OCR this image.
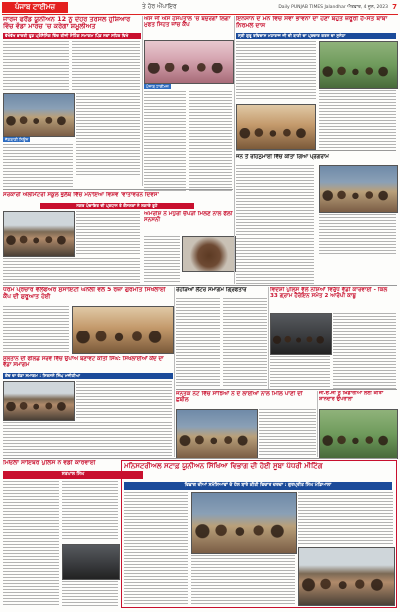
ਪੰਜਾਬ ਟਾਈਮਜ਼	ਤੇ ਹੋਰ ਐਂਪਾਇਰ	Daily PUNJAB TIMES Jalandhar ਐਤਵਾਰ, 4 ਜੂਨ, 2023 7
ਜਾਰਜ ਫਰੈਂਡ ਯੂਨੀਅਨ 12 ਨੂੰ ਦੋਹਰ ਤਰਸਲ ਹੁਸ਼ਿਆਰ ਵਿੱਚ ਵੱਡਾ ਮਾਰਚ 'ਚ ਕਰੇਗਾ ਸ਼ਮੂਲੀਅਤ
ਵੱਖੋਵੱਖ ਭਾਰਤੀ ਫੂਡ ਪ੍ਰੋਸੈਸਿੰਗ ਵਿੱਚ ਤੀਜੀ ਮੈਟਿੰਗ ਸਮਾਗਮ ਪਿੰਡ ਨਵਾਂ ਸਹਿਰ ਵਿਖੇ
ਜੱਗਬਾਣੀ ਨਿਊਜ਼
ਐਸ ਜੀ ਐਸ ਹਸਪਤਾਲ 'ਚ ਬਜ਼ੁਰਗਾਂ ਲਿਗਾ ਮੁਫਤ ਸਿਹਤ ਜਾਂਚ ਕੈਂਪ
ਪੰਜਾਬ ਟਾਈਮਜ਼
ਇਨਸਾਨ ਦੇ ਮਨ ਵਿੱਚ ਸੇਵਾ ਭਾਵਨਾ ਦਾ ਹੋਣਾ ਬਹੁਤ ਜ਼ਰੂਰੀ ਹੈ-ਸੰਤ ਬਾਬਾ ਨਿਰਮਲ ਦਾਸ
ਸ੍ਰੀ ਗੁਰੂ ਰਵਿਦਾਸ ਮਹਾਰਾਜ ਜੀ ਦੀ ਬਾਣੀ ਦਾ ਪ੍ਰਚਾਰ ਕਰਨ ਦਾ ਸੁਨੇਹਾ
ਸਰਕਾਰੀ ਐਲੀਮੈਂਟਰੀ ਸਕੂਲ ਭੁਲੱਥ ਵਿੱਚ ਮਨਾਇਆ ਵਿਸ਼ਵ 'ਵਾਤਾਵਰਨ ਦਿਵਸ'
ਨਗਰ ਪੰਚਾਇਤ ਦੀ ਪ੍ਰਧਾਨ ਤੇ ਕੌਂਸਲਰਾਂ ਨੇ ਲਗਾਏ ਬੂਟੇ
ਅਮਰੀਸ਼ ਨੇ ਮਧੁਰੀ ਚੌਪੜੀ ਮਿਲਣ ਨਾਲ ਫੈਲੀ ਸਨਸਨੀ
ਜਨ ਤੋਂ ਰਹਿਨੁਮਾਈ ਵਿੱਚ ਕੀਤਾ ਗਿਆ ਪ੍ਰੋਗਰਾਮ
ਧਰਮ ਪ੍ਰਚਾਰ ਵੈਲਫੇਅਰ ਸੁਸਾਇਟੀ ਘਨੌਲੀ ਵੱਲੋਂ 5 ਰੋਜ਼ਾ ਗੁਰਮਤਿ ਸਿਖਲਾਈ ਕੈਂਪ ਦੀ ਸ਼ੁਰੂਆਤ ਹੋਈ
ਰੇਹੜਿਆਂ ਲੈਂਟਰ ਸਮਾਗਮ ਗ੍ਰਿਫਤਾਰ	ਵਿਦੇਸ਼ੀ ਪੁਲਿਸ ਵੱਲੋਂ ਨਸ਼ਿਆਂ ਵਿਰੁੱਧ ਵੱਡੀ ਕਾਰਵਾਈ - ਕਿਲੋ 33 ਗ੍ਰਾਮ ਹੈਰੋਇਨ ਸਮੇਤ 2 ਆਰੋਪੀ ਕਾਬੂ
ਸੁਲਤਾਨ ਦੀ ਫੀਲਡ ਸਰਵੇ ਵਿੱਚ ਉਪਾਅ ਬਣਾਵਟ ਕੀਤੀ ਸਿੰਘ: ਸਿਖਲਾਈਆਂ ਕੇਂਦ ਦਾ ਵੱਡਾ ਸਮਾਗਮ
ਕੇਂਦ ਦਾ ਵੱਡਾ ਸਮਾਗਮ : ਸਿਰਸਨੇ ਸਿੰਘ ਮਜੀਠੀਆ
ਜਨਤਕ ਨੋਟ ਵਿੱਚ ਸਾਂਝਿਆਂ ਨੇ ਦੋ ਲਾਈਆਂ ਨਾਲ ਮਿਲਿ ਪਾਣੀ ਦੀ ਛਬੀਲ
ਜੀ.ਓ.ਜੀ ਨੂੰ ਖ਼ਿਡਾਰੀਆਂ ਲਈ ਕੀਤਾ ਸ਼ਾਨਦਾਰ ਉਪਰਾਲਾ
ਮਿਓਲਾਂ ਸਾਇਬਰ ਪੁਲਿਸ ਨੇ ਵੱਡੀ ਕਾਰਵਾਈ
ਸਤਪਾਲ ਸਿੰਘ
ਮਨਿਸਟਰੀਅਲ ਸਟਾਫ਼ ਯੂਨੀਅਨ ਸਿੱਖਿਆ ਵਿਭਾਗ ਦੀ ਹੋਈ ਸੂਬਾ ਪੱਧਰੀ ਮੀਟਿੰਗ
ਵਿਭਾਗ ਦੀਆਂ ਸਮੱਸਿਆਵਾਂ ਦੇ ਹੱਲ ਬਾਰੇ ਕੀਤੀ ਵਿਚਾਰ ਚਰਚਾ : ਗੁਰਪ੍ਰੀਤ ਸਿੰਘ ਮੰਡਿਆਲਾ
